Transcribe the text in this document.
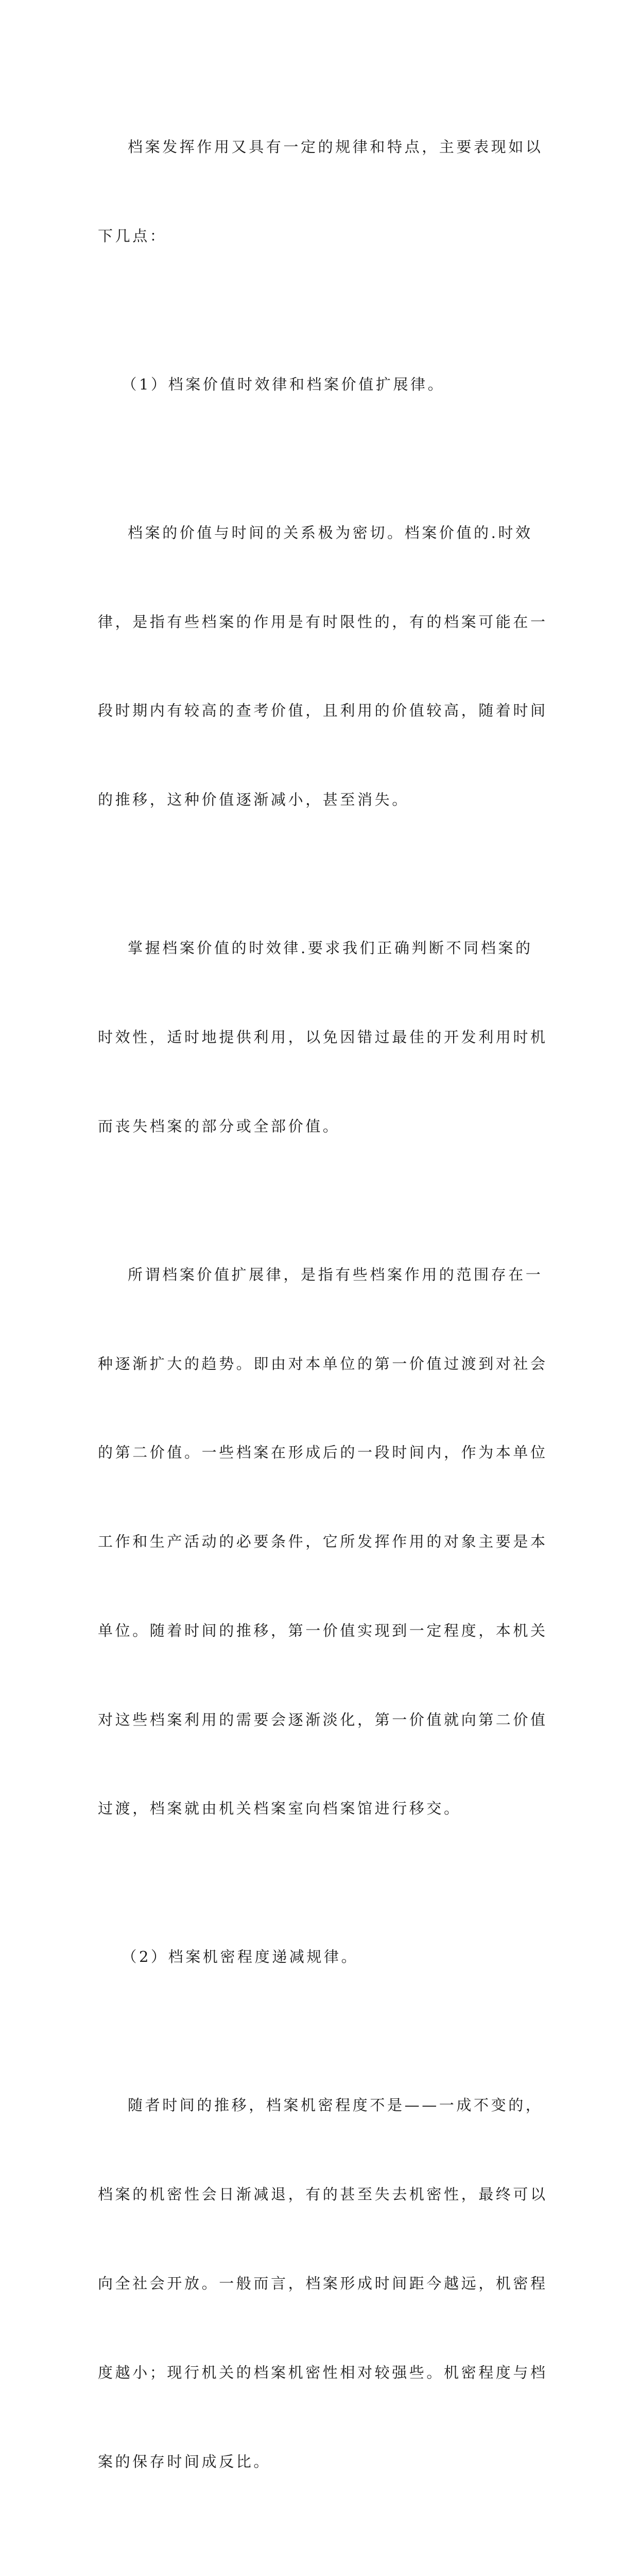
档案发挥作用又具有一定的规律和特点，主要表现如以

下几点：

（1）档案价值时效律和档案价值扩展律。

档案的价值与时间的关系极为密切。档案价值的.时效

律，是指有些档案的作用是有时限性的，有的档案可能在一

段时期内有较高的查考价值，且利用的价值较高，随着时间

的推移，这种价值逐渐减小，甚至消失。

掌握档案价值的时效律.要求我们正确判断不同档案的

时效性，适时地提供利用，以免因错过最佳的开发利用时机

而丧失档案的部分或全部价值。

所谓档案价值扩展律，是指有些档案作用的范围存在一

种逐渐扩大的趋势。即由对本单位的第一价值过渡到对社会

的第二价值。一些档案在形成后的一段时间内，作为本单位

工作和生产活动的必要条件，它所发挥作用的对象主要是本

单位。随着时间的推移，第一价值实现到一定程度，本机关

对这些档案利用的需要会逐渐淡化，第一价值就向第二价值

过渡，档案就由机关档案室向档案馆进行移交。

（2）档案机密程度递减规律。

随者时间的推移，档案机密程度不是——一成不变的，

档案的机密性会日渐减退，有的甚至失去机密性，最终可以

向全社会开放。一般而言，档案形成时间距今越远，机密程

度越小；现行机关的档案机密性相对较强些。机密程度与档

案的保存时间成反比。
